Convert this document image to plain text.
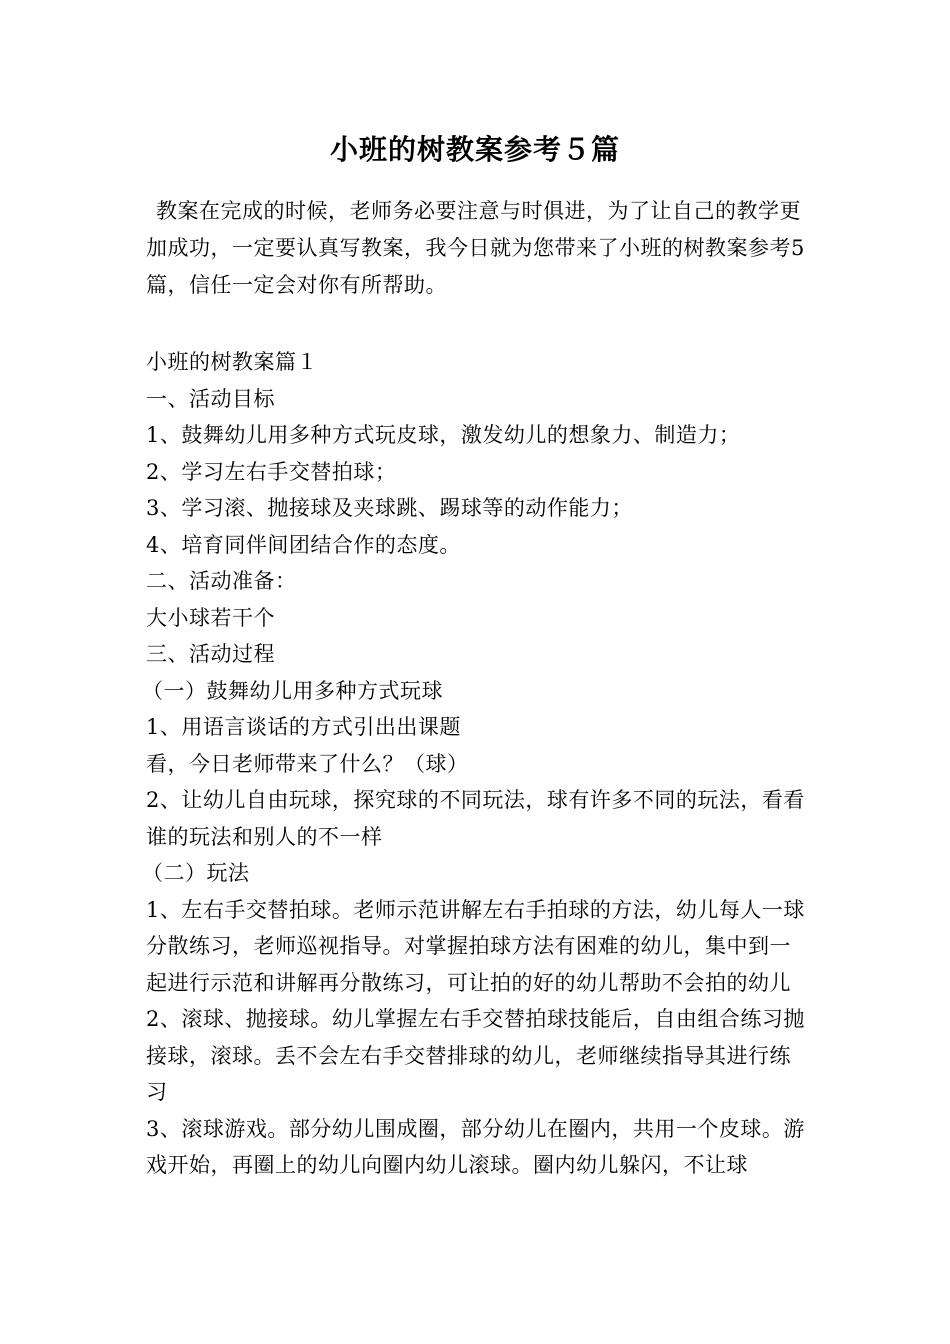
小班的树教案参考５篇

教案在完成的时候，老师务必要注意与时俱进，为了让自己的教学更加成功，一定要认真写教案，我今日就为您带来了小班的树教案参考5篇，信任一定会对你有所帮助。

小班的树教案篇１

一、活动目标

1、鼓舞幼儿用多种方式玩皮球，激发幼儿的想象力、制造力；

2、学习左右手交替拍球；

3、学习滚、抛接球及夹球跳、踢球等的动作能力；

4、培育同伴间团结合作的态度。

二、活动准备：

大小球若干个

三、活动过程

（一）鼓舞幼儿用多种方式玩球

1、用语言谈话的方式引出出课题

看，今日老师带来了什么？（球）

2、让幼儿自由玩球，探究球的不同玩法，球有许多不同的玩法，看看谁的玩法和别人的不一样

（二）玩法

1、左右手交替拍球。老师示范讲解左右手拍球的方法，幼儿每人一球分散练习，老师巡视指导。对掌握拍球方法有困难的幼儿，集中到一起进行示范和讲解再分散练习，可让拍的好的幼儿帮助不会拍的幼儿

2、滚球、抛接球。幼儿掌握左右手交替拍球技能后，自由组合练习抛接球，滚球。丢不会左右手交替排球的幼儿，老师继续指导其进行练习

3、滚球游戏。部分幼儿围成圈，部分幼儿在圈内，共用一个皮球。游戏开始，再圈上的幼儿向圈内幼儿滚球。圈内幼儿躲闪，不让球
